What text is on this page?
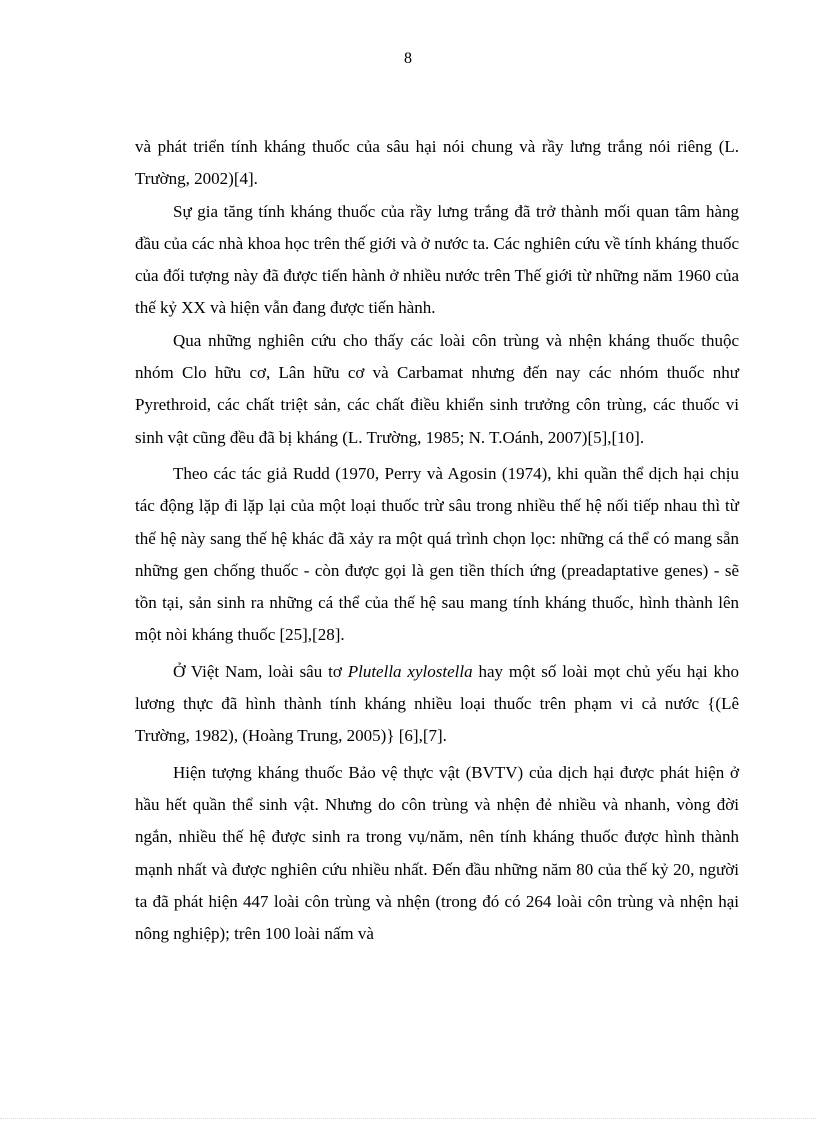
8

và phát triển tính kháng thuốc của sâu hại nói chung và rầy lưng trắng nói riêng (L. Trường, 2002)[4].

Sự gia tăng tính kháng thuốc của rầy lưng trắng đã trở thành mối quan tâm hàng đầu của các nhà khoa học trên thế giới và ở nước ta. Các nghiên cứu về tính kháng thuốc của đối tượng này đã được tiến hành ở nhiều nước trên Thế giới từ những năm 1960 của thế kỷ XX và hiện vẫn đang được tiến hành.

Qua những nghiên cứu cho thấy các loài côn trùng và nhện kháng thuốc thuộc nhóm Clo hữu cơ, Lân hữu cơ và Carbamat nhưng đến nay các nhóm thuốc như Pyrethroid, các chất triệt sản, các chất điều khiển sinh trưởng côn trùng, các thuốc vi sinh vật cũng đều đã bị kháng (L. Trường, 1985; N. T.Oánh, 2007)[5],[10].

Theo các tác giả Rudd (1970, Perry và Agosin (1974), khi quần thể dịch hại chịu tác động lặp đi lặp lại của một loại thuốc trừ sâu trong nhiều thế hệ nối tiếp nhau thì từ thế hệ này sang thế hệ khác đã xảy ra một quá trình chọn lọc: những cá thể có mang sẵn những gen chống thuốc - còn được gọi là gen tiền thích ứng (preadaptative genes) - sẽ tồn tại, sản sinh ra những cá thể của thế hệ sau mang tính kháng thuốc, hình thành lên một nòi kháng thuốc [25],[28].

Ở Việt Nam, loài sâu tơ Plutella xylostella hay một số loài mọt chủ yếu hại kho lương thực đã hình thành tính kháng nhiều loại thuốc trên phạm vi cả nước {(Lê Trường, 1982), (Hoàng Trung, 2005)} [6],[7].

Hiện tượng kháng thuốc Bảo vệ thực vật (BVTV) của dịch hại được phát hiện ở hầu hết quần thể sinh vật. Nhưng do côn trùng và nhện đẻ nhiều và nhanh, vòng đời ngắn, nhiều thế hệ được sinh ra trong vụ/năm, nên tính kháng thuốc được hình thành mạnh nhất và được nghiên cứu nhiều nhất. Đến đầu những năm 80 của thế kỷ 20, người ta đã phát hiện 447 loài côn trùng và nhện (trong đó có 264 loài côn trùng và nhện hại nông nghiệp); trên 100 loài nấm và
